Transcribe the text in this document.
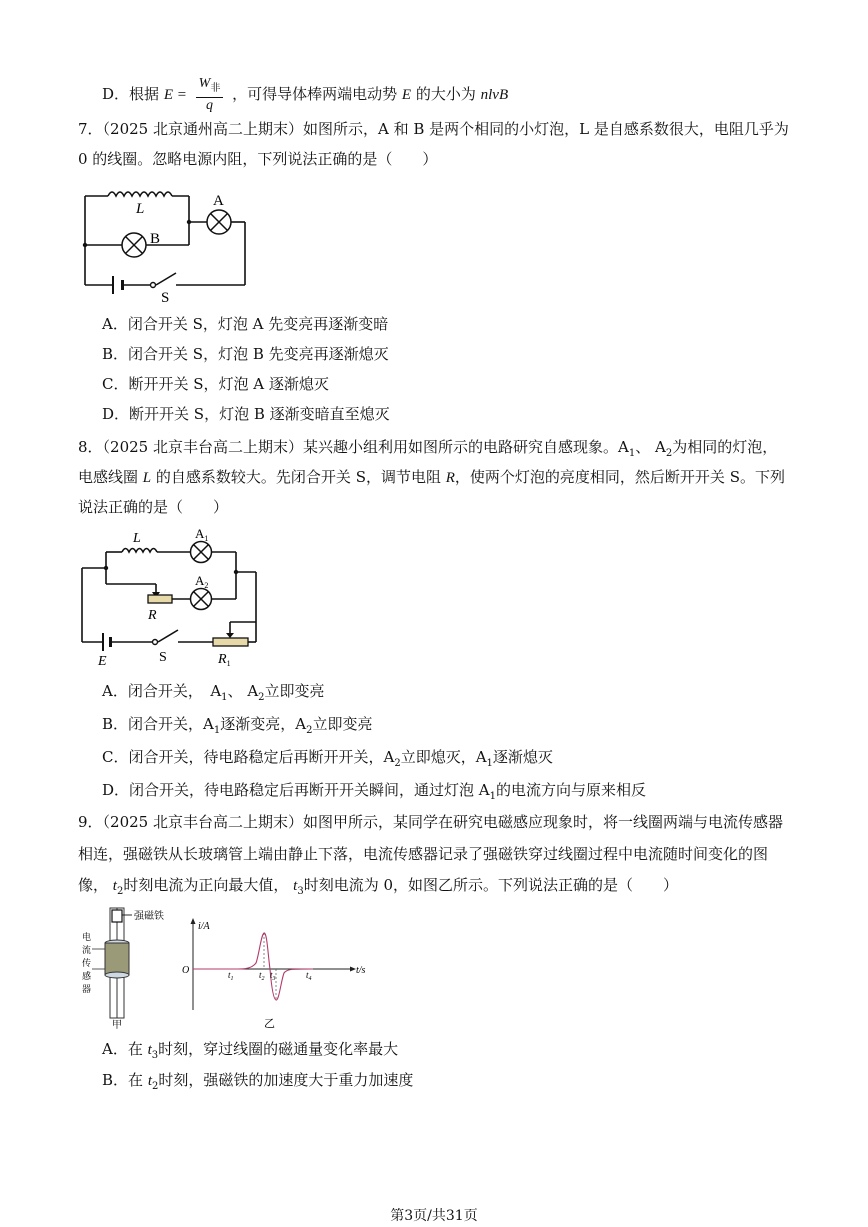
D．根据 $E = \frac{W_非}{q}$ ，可得导体棒两端电动势 E 的大小为 nlvB
7．（2025 北京通州高二上期末）如图所示，A 和 B 是两个相同的小灯泡，L 是自感系数很大，电阻几乎为
0 的线圈。忽略电源内阻，下列说法正确的是（　　）
L	A
B
S
A．闭合开关 S，灯泡 A 先变亮再逐渐变暗
B．闭合开关 S，灯泡 B 先变亮再逐渐熄灭
C．断开开关 S，灯泡 A 逐渐熄灭
D．断开开关 S，灯泡 B 逐渐变暗直至熄灭
8．（2025 北京丰台高二上期末）某兴趣小组利用如图所示的电路研究自感现象。$A_1$、 $A_2$为相同的灯泡，
电感线圈 L 的自感系数较大。先闭合开关 S，调节电阻 R，使两个灯泡的亮度相同，然后断开开关 S。下列
说法正确的是（　　）
L	$A_1$
$A_2$
R
E	S	$R_1$
A．闭合开关，　$A_1$、 $A_2$立即变亮
B．闭合开关，$A_1$逐渐变亮，$A_2$立即变亮
C．闭合开关，待电路稳定后再断开开关，$A_2$立即熄灭，$A_1$逐渐熄灭
D．闭合开关，待电路稳定后再断开开关瞬间，通过灯泡 $A_1$的电流方向与原来相反
9．（2025 北京丰台高二上期末）如图甲所示，某同学在研究电磁感应现象时，将一线圈两端与电流传感器
相连，强磁铁从长玻璃管上端由静止下落，电流传感器记录了强磁铁穿过线圈过程中电流随时间变化的图
像， $t_2$时刻电流为正向最大值， $t_3$时刻电流为 0，如图乙所示。下列说法正确的是（　　）
强磁铁
电
流
传
感
器
甲
i/A
t/s
O	$t_1$	$t_2$ $t_3$	$t_4$
乙
A．在 $t_3$时刻，穿过线圈的磁通量变化率最大
B．在 $t_2$时刻，强磁铁的加速度大于重力加速度
第3页/共31页
